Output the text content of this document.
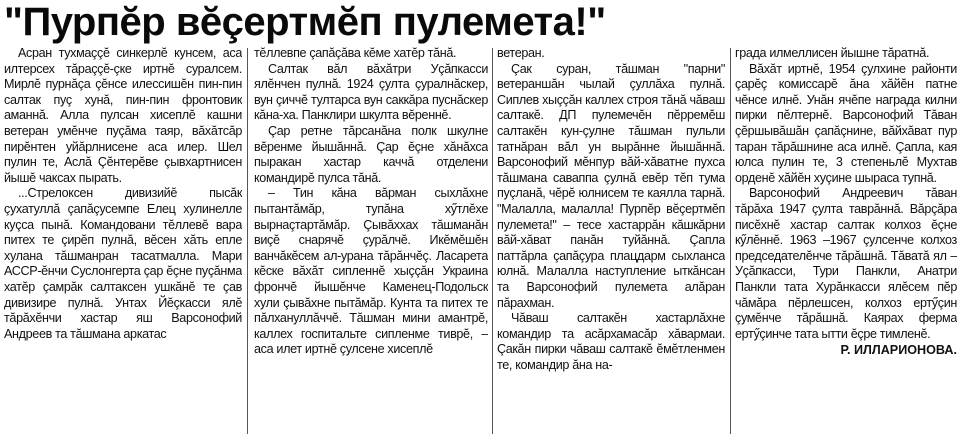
"Пурпĕр вĕçертмĕп пулемета!"

Асран тухмаççĕ синкерлĕ кунсем, аса илтерсех тăраççĕ-çке иртнĕ суралсем. Мирлĕ пурнăçа çĕнсе илессишĕн пин-пин салтак пуç хунă, пин-пин фронтовик аманнă. Алла пулсан хисеплĕ кашни ветеран умĕнче пуçăма таяр, вăхăтсăр пирĕнтен уйăрлнисене аса илер. Шел пулин те, Аслă Çĕнтерĕве çывхартнисен йышĕ чаксах пырать.

...Стрелоксен дивизийĕ пысăк çухатуллă çапăçусемпе Елец хулинелле куçса пынă. Командовани тĕллевĕ вара питех те çирĕп пулнă, вĕсен хăть епле хулана тăшманран тасатмалла. Мари АССР-ĕнчи Суслонгерта çар ĕçне пуçăнма хатĕр çамрăк салтаксен ушкăнĕ те çав дивизире пулнă. Унтах Йĕçкасси ялĕ тăрăхĕнчи хастар яш Варсонофий Андреев та тăшмана аркатас

тĕллевпе çапăçăва кĕме хатĕр тăнă.

Салтак вăл вăхăтри Уçăпкасси ялĕнчен пулнă. 1924 çулта çуралнăскер, вун çиччĕ тултарса вун саккăра пуснăскер кăна-ха. Панклири шкулта вĕреннĕ.

Çар ретне тăрсанăна полк шкулне вĕренме йышăннă. Çар ĕçне хăнăхса пыракан хастар каччă отделени командирĕ пулса тăнă.

– Тин кăна вăрман сыхлăхне пытантăмăр, тупăна хӳтлĕхе вырнаçтартăмăр. Çывăххах тăшманăн виçĕ снарячĕ çурăлчĕ. Икĕмĕшĕн ванчăкĕсем ал-урана тăрăнчĕç. Ласарета кĕске вăхăт сипленнĕ хыççăн Украина фрончĕ йышĕнче Каменец-Подольск хули çывăхне пытăмăр. Кунта та питех те пăлхануллăччĕ. Тăшман мини амантрĕ, каллех госпитальте сипленме тиврĕ, – аса илет иртнĕ çулсене хисеплĕ

ветеран.

Çак суран, тăшман "парни" ветераншăн чылай çуллăха пулнă. Сиплев хыççăн каллех строя тăнă чăваш салтакĕ. ДП пулемечĕн пĕрремĕш салтакĕн кун-çулне тăшман пульли татнăран вăл ун вырăнне йышăннă. Варсонофий мĕнпур вăй-хăватне пухса тăшмана саваппа çулнă евĕр тĕп тума пуçланă, чĕрĕ юлнисем те каялла тарнă. "Малалла, малалла! Пурпĕр вĕçертмĕп пулемета!" – тесе хастаррăн кăшкăрни вăй-хăват панăн туйăннă. Çапла паттăрла çапăçура плацдарм сыхланса юлнă. Малалла наступление ыткăнсан та Варсонофий пулемета алăран пăрахман.

Чăваш салтакĕн хастарлăхне командир та асăрхамасăр хăвармаи. Çакăн пирки чăваш салтакĕ ĕмĕтленмен те, командир ăна на-

града илмеллисен йышне тăратнă.

Вăхăт иртнĕ, 1954 çулхине районти çарĕç комиссарĕ ăна хăйĕн патне чĕнсе илнĕ. Унăн ячĕпе награда килни пирки пĕлтернĕ. Варсонофий Тăван çĕршывăшăн çапăçнине, вăйхăват пур таран тăрăшнине аса илнĕ. Çапла, кая юлса пулин те, 3 степеньлĕ Мухтав орденĕ хăйĕн хуçине шыраса тупнă.

Варсонофий Андреевич тăван тăрăха 1947 çулта таврăннă. Вăрçăра писĕхнĕ хастар салтак колхоз ĕçне кӳлĕннĕ. 1963 –1967 çулсенче колхоз председателĕнче тăрăшнă. Тăватă ял – Уçăпкасси, Тури Панкли, Анатри Панкли тата Хурăнкасси ялĕсем пĕр чăмăра пĕрлешсен, колхоз ертӳçин çумĕнче тăрăшнă. Каярах ферма ертӳçинче тата ытти ĕçре тимленĕ.

Р. ИЛЛАРИОНОВА.
